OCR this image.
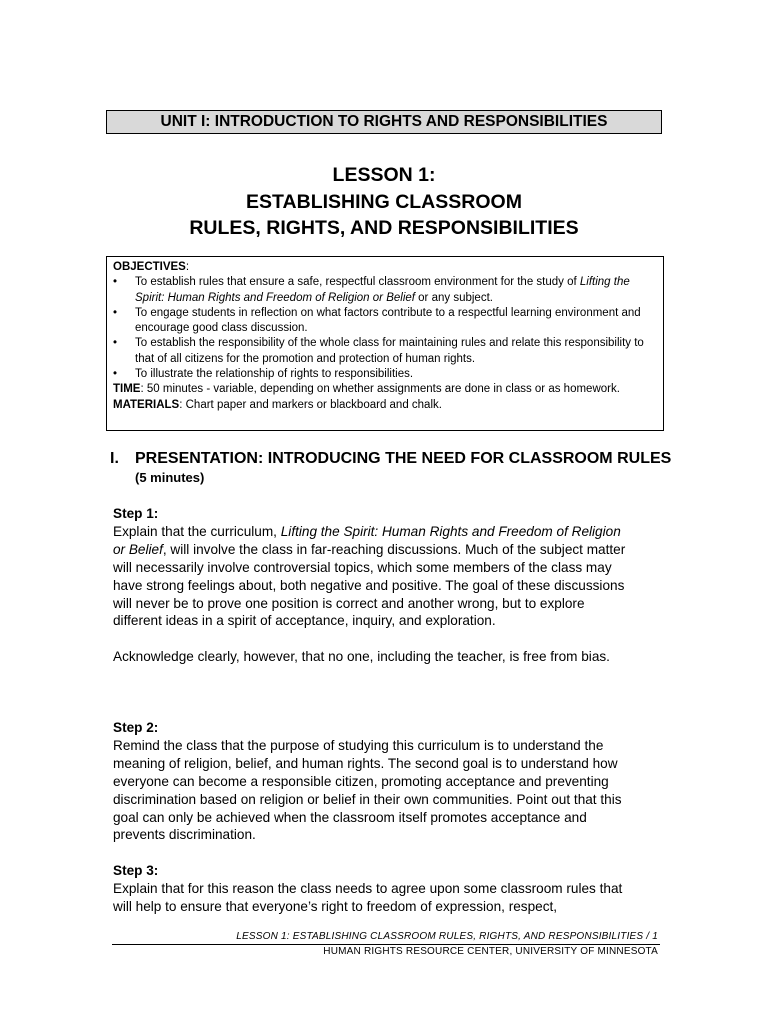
UNIT I: INTRODUCTION TO RIGHTS AND RESPONSIBILITIES
LESSON 1:
ESTABLISHING CLASSROOM
RULES, RIGHTS, AND RESPONSIBILITIES
OBJECTIVES:
• To establish rules that ensure a safe, respectful classroom environment for the study of Lifting the Spirit: Human Rights and Freedom of Religion or Belief or any subject.
• To engage students in reflection on what factors contribute to a respectful learning environment and encourage good class discussion.
• To establish the responsibility of the whole class for maintaining rules and relate this responsibility to that of all citizens for the promotion and protection of human rights.
• To illustrate the relationship of rights to responsibilities.
TIME: 50 minutes - variable, depending on whether assignments are done in class or as homework.
MATERIALS: Chart paper and markers or blackboard and chalk.
I. PRESENTATION: INTRODUCING THE NEED FOR CLASSROOM RULES
(5 minutes)

Step 1:

Explain that the curriculum, Lifting the Spirit: Human Rights and Freedom of Religion or Belief, will involve the class in far-reaching discussions. Much of the subject matter will necessarily involve controversial topics, which some members of the class may have strong feelings about, both negative and positive. The goal of these discussions will never be to prove one position is correct and another wrong, but to explore different ideas in a spirit of acceptance, inquiry, and exploration.

Acknowledge clearly, however, that no one, including the teacher, is free from bias.

Step 2:

Remind the class that the purpose of studying this curriculum is to understand the meaning of religion, belief, and human rights. The second goal is to understand how everyone can become a responsible citizen, promoting acceptance and preventing discrimination based on religion or belief in their own communities. Point out that this goal can only be achieved when the classroom itself promotes acceptance and prevents discrimination.

Step 3:

Explain that for this reason the class needs to agree upon some classroom rules that will help to ensure that everyone’s right to freedom of expression, respect,

LESSON 1: ESTABLISHING CLASSROOM RULES, RIGHTS, AND RESPONSIBILITIES / 1
HUMAN RIGHTS RESOURCE CENTER, UNIVERSITY OF MINNESOTA
